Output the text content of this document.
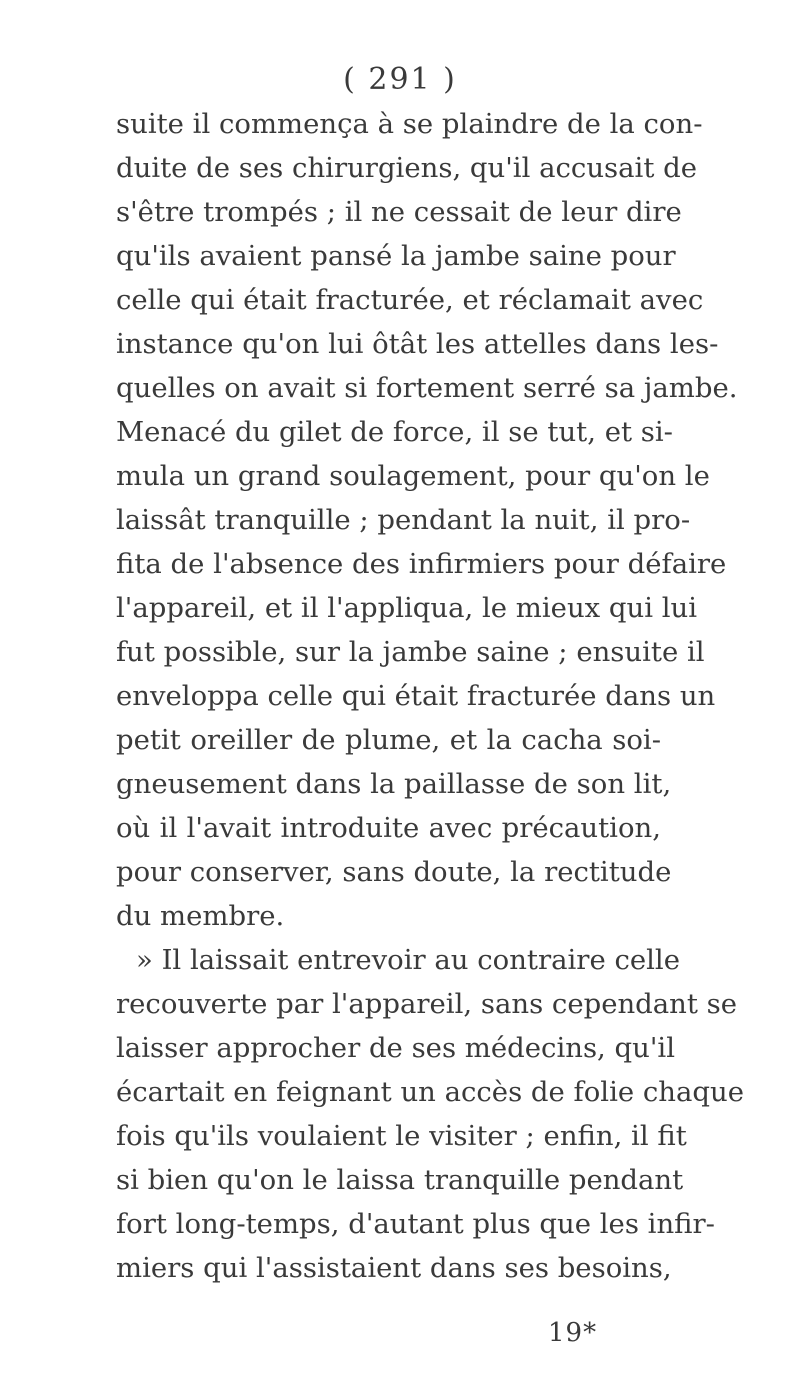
( 291 )
suite il commença à se plaindre de la con-
duite de ses chirurgiens, qu'il accusait de
s'être trompés ; il ne cessait de leur dire
qu'ils avaient pansé la jambe saine pour
celle qui était fracturée, et réclamait avec
instance qu'on lui ôtât les attelles dans les-
quelles on avait si fortement serré sa jambe.
Menacé du gilet de force, il se tut, et si-
mula un grand soulagement, pour qu'on le
laissât tranquille ; pendant la nuit, il pro-
fita de l'absence des infirmiers pour défaire
l'appareil, et il l'appliqua, le mieux qui lui
fut possible, sur la jambe saine ; ensuite il
enveloppa celle qui était fracturée dans un
petit oreiller de plume, et la cacha soi-
gneusement dans la paillasse de son lit,
où il l'avait introduite avec précaution,
pour conserver, sans doute, la rectitude
du membre.
» Il laissait entrevoir au contraire celle
recouverte par l'appareil, sans cependant se
laisser approcher de ses médecins, qu'il
écartait en feignant un accès de folie chaque
fois qu'ils voulaient le visiter ; enfin, il fit
si bien qu'on le laissa tranquille pendant
fort long-temps, d'autant plus que les infir-
miers qui l'assistaient dans ses besoins,
19*
